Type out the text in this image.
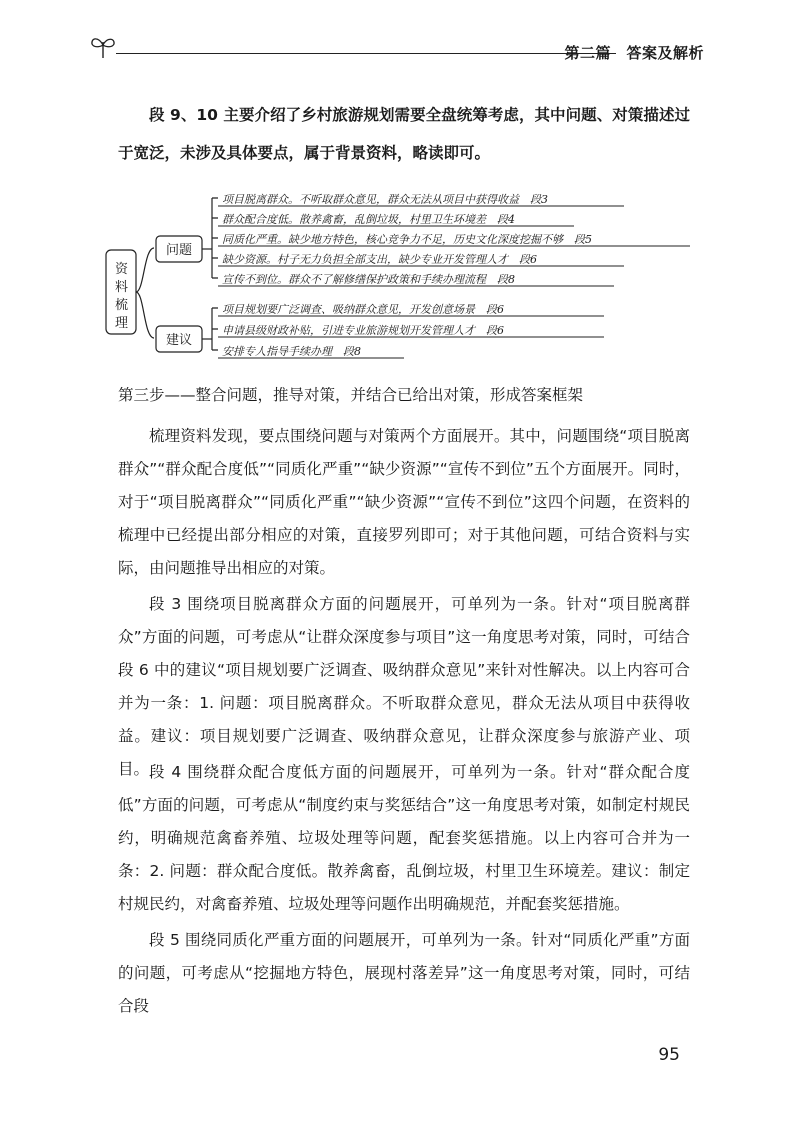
第二篇　答案及解析

段 9、10 主要介绍了乡村旅游规划需要全盘统筹考虑，其中问题、对策描述过于宽泛，未涉及具体要点，属于背景资料，略读即可。

资 料 梳 理
问题
建议
项目脱离群众。不听取群众意见，群众无法从项目中获得收益　段3
群众配合度低。散养禽畜，乱倒垃圾，村里卫生环境差　段4
同质化严重。缺少地方特色，核心竞争力不足，历史文化深度挖掘不够　段5
缺少资源。村子无力负担全部支出，缺少专业开发管理人才　段6
宣传不到位。群众不了解修缮保护政策和手续办理流程　段8
项目规划要广泛调查、吸纳群众意见，开发创意场景　段6
申请县级财政补贴，引进专业旅游规划开发管理人才　段6
安排专人指导手续办理　段8
第三步——整合问题，推导对策，并结合已给出对策，形成答案框架

梳理资料发现，要点围绕问题与对策两个方面展开。其中，问题围绕“项目脱离群众”“群众配合度低”“同质化严重”“缺少资源”“宣传不到位”五个方面展开。同时，对于“项目脱离群众”“同质化严重”“缺少资源”“宣传不到位”这四个问题，在资料的梳理中已经提出部分相应的对策，直接罗列即可；对于其他问题，可结合资料与实际，由问题推导出相应的对策。

段 3 围绕项目脱离群众方面的问题展开，可单列为一条。针对“项目脱离群众”方面的问题，可考虑从“让群众深度参与项目”这一角度思考对策，同时，可结合段 6 中的建议“项目规划要广泛调查、吸纳群众意见”来针对性解决。以上内容可合并为一条：1. 问题：项目脱离群众。不听取群众意见，群众无法从项目中获得收益。建议：项目规划要广泛调查、吸纳群众意见，让群众深度参与旅游产业、项目。 段 4 围绕群众配合度低方面的问题展开，可单列为一条。针对“群众配合度低”方面的问题，可考虑从“制度约束与奖惩结合”这一角度思考对策，如制定村规民约，明确规范禽畜养殖、垃圾处理等问题，配套奖惩措施。以上内容可合并为一条：2. 问题：群众配合度低。散养禽畜，乱倒垃圾，村里卫生环境差。建议：制定村规民约，对禽畜养殖、垃圾处理等问题作出明确规范，并配套奖惩措施。

段 5 围绕同质化严重方面的问题展开，可单列为一条。针对“同质化严重”方面的问题，可考虑从“挖掘地方特色，展现村落差异”这一角度思考对策，同时，可结合段

95
